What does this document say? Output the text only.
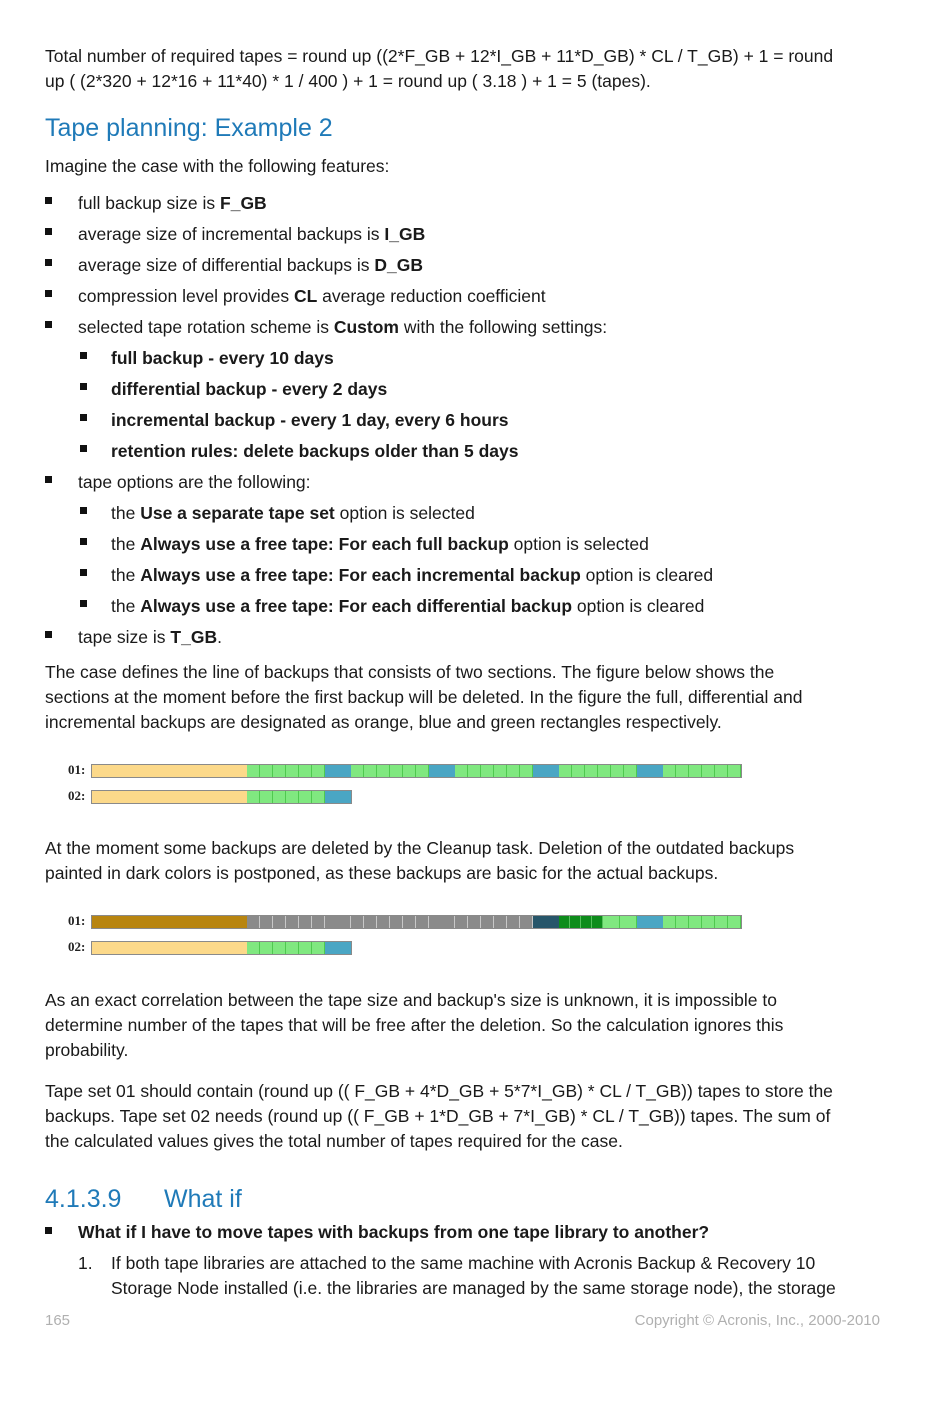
Total number of required tapes = round up ((2*F_GB + 12*I_GB + 11*D_GB) * CL / T_GB) + 1 = round
up ( (2*320 + 12*16 + 11*40) * 1 / 400 ) + 1 = round up ( 3.18 ) + 1 = 5 (tapes).
Tape planning: Example 2
Imagine the case with the following features:
full backup size is F_GB
average size of incremental backups is I_GB
average size of differential backups is D_GB
compression level provides CL average reduction coefficient
selected tape rotation scheme is Custom with the following settings:
full backup - every 10 days
differential backup - every 2 days
incremental backup - every 1 day, every 6 hours
retention rules: delete backups older than 5 days
tape options are the following:
the Use a separate tape set option is selected
the Always use a free tape: For each full backup option is selected
the Always use a free tape: For each incremental backup option is cleared
the Always use a free tape: For each differential backup option is cleared
tape size is T_GB.
The case defines the line of backups that consists of two sections. The figure below shows the
sections at the moment before the first backup will be deleted. In the figure the full, differential and
incremental backups are designated as orange, blue and green rectangles respectively.
01:
02:
At the moment some backups are deleted by the Cleanup task. Deletion of the outdated backups
painted in dark colors is postponed, as these backups are basic for the actual backups.
01:
02:
As an exact correlation between the tape size and backup's size is unknown, it is impossible to
determine number of the tapes that will be free after the deletion. So the calculation ignores this
probability.
Tape set 01 should contain (round up (( F_GB + 4*D_GB + 5*7*I_GB) * CL / T_GB)) tapes to store the
backups. Tape set 02 needs (round up (( F_GB + 1*D_GB + 7*I_GB) * CL / T_GB)) tapes. The sum of
the calculated values gives the total number of tapes required for the case.
4.1.3.9 What if
What if I have to move tapes with backups from one tape library to another?
1. If both tape libraries are attached to the same machine with Acronis Backup & Recovery 10
Storage Node installed (i.e. the libraries are managed by the same storage node), the storage
165	Copyright © Acronis, Inc., 2000-2010
